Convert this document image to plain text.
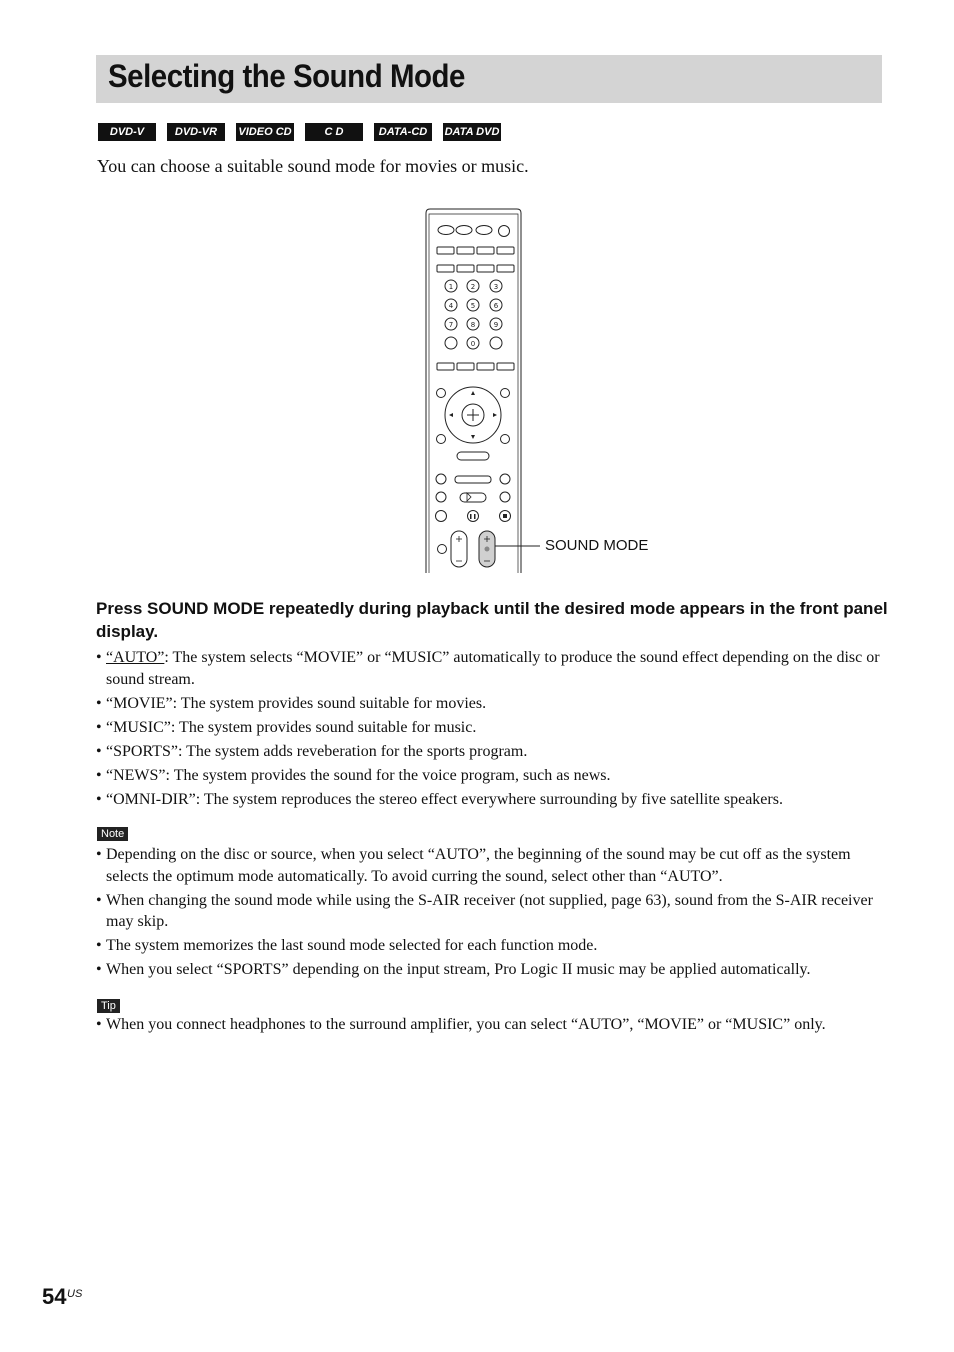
Selecting the Sound Mode
DVD-V	DVD-VR	VIDEO CD	C D	DATA-CD	DATA DVD
You can choose a suitable sound mode for movies or music.
1	2	3
4	5	6
7	8	9
0
SOUND MODE
Press SOUND MODE repeatedly during playback until the desired mode appears in the front panel display.
• “AUTO”: The system selects “MOVIE” or “MUSIC” automatically to produce the sound effect depending on the disc or sound stream.
• “MOVIE”: The system provides sound suitable for movies.
• “MUSIC”: The system provides sound suitable for music.
• “SPORTS”: The system adds reveberation for the sports program.
• “NEWS”: The system provides the sound for the voice program, such as news.
• “OMNI-DIR”: The system reproduces the stereo effect everywhere surrounding by five satellite speakers.
Note
• Depending on the disc or source, when you select “AUTO”, the beginning of the sound may be cut off as the system selects the optimum mode automatically. To avoid curring the sound, select other than “AUTO”.
• When changing the sound mode while using the S-AIR receiver (not supplied, page 63), sound from the S-AIR receiver may skip.
• The system memorizes the last sound mode selected for each function mode.
• When you select “SPORTS” depending on the input stream, Pro Logic II music may be applied automatically.
Tip
• When you connect headphones to the surround amplifier, you can select “AUTO”, “MOVIE” or “MUSIC” only.
54 US
